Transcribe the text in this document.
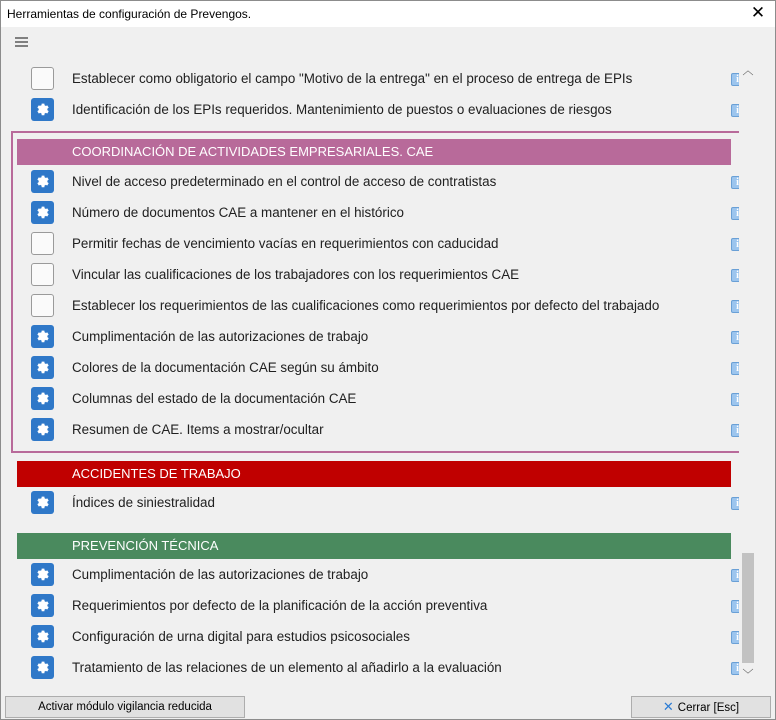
Herramientas de configuración de Prevengos.	✕
Establecer como obligatorio el campo "Motivo de la entrega" en el proceso de entrega de EPIs	i
Identificación de los EPIs requeridos. Mantenimiento de puestos o evaluaciones de riesgos	i
COORDINACIÓN DE ACTIVIDADES EMPRESARIALES. CAE
Nivel de acceso predeterminado en el control de acceso de contratistas	i
Número de documentos CAE a mantener en el histórico	i
Permitir fechas de vencimiento vacías en requerimientos con caducidad	i
Vincular las cualificaciones de los trabajadores con los requerimientos CAE	i
Establecer los requerimientos de las cualificaciones como requerimientos por defecto del trabajado	i
Cumplimentación de las autorizaciones de trabajo	i
Colores de la documentación CAE según su ámbito	i
Columnas del estado de la documentación CAE	i
Resumen de CAE. Items a mostrar/ocultar	i
ACCIDENTES DE TRABAJO
Índices de siniestralidad	i
PREVENCIÓN TÉCNICA
Cumplimentación de las autorizaciones de trabajo	i
Requerimientos por defecto de la planificación de la acción preventiva	i
Configuración de urna digital para estudios psicosociales	i
Tratamiento de las relaciones de un elemento al añadirlo a la evaluación	i
︿
﹀
Activar módulo vigilancia reducida	✕ Cerrar [Esc]
